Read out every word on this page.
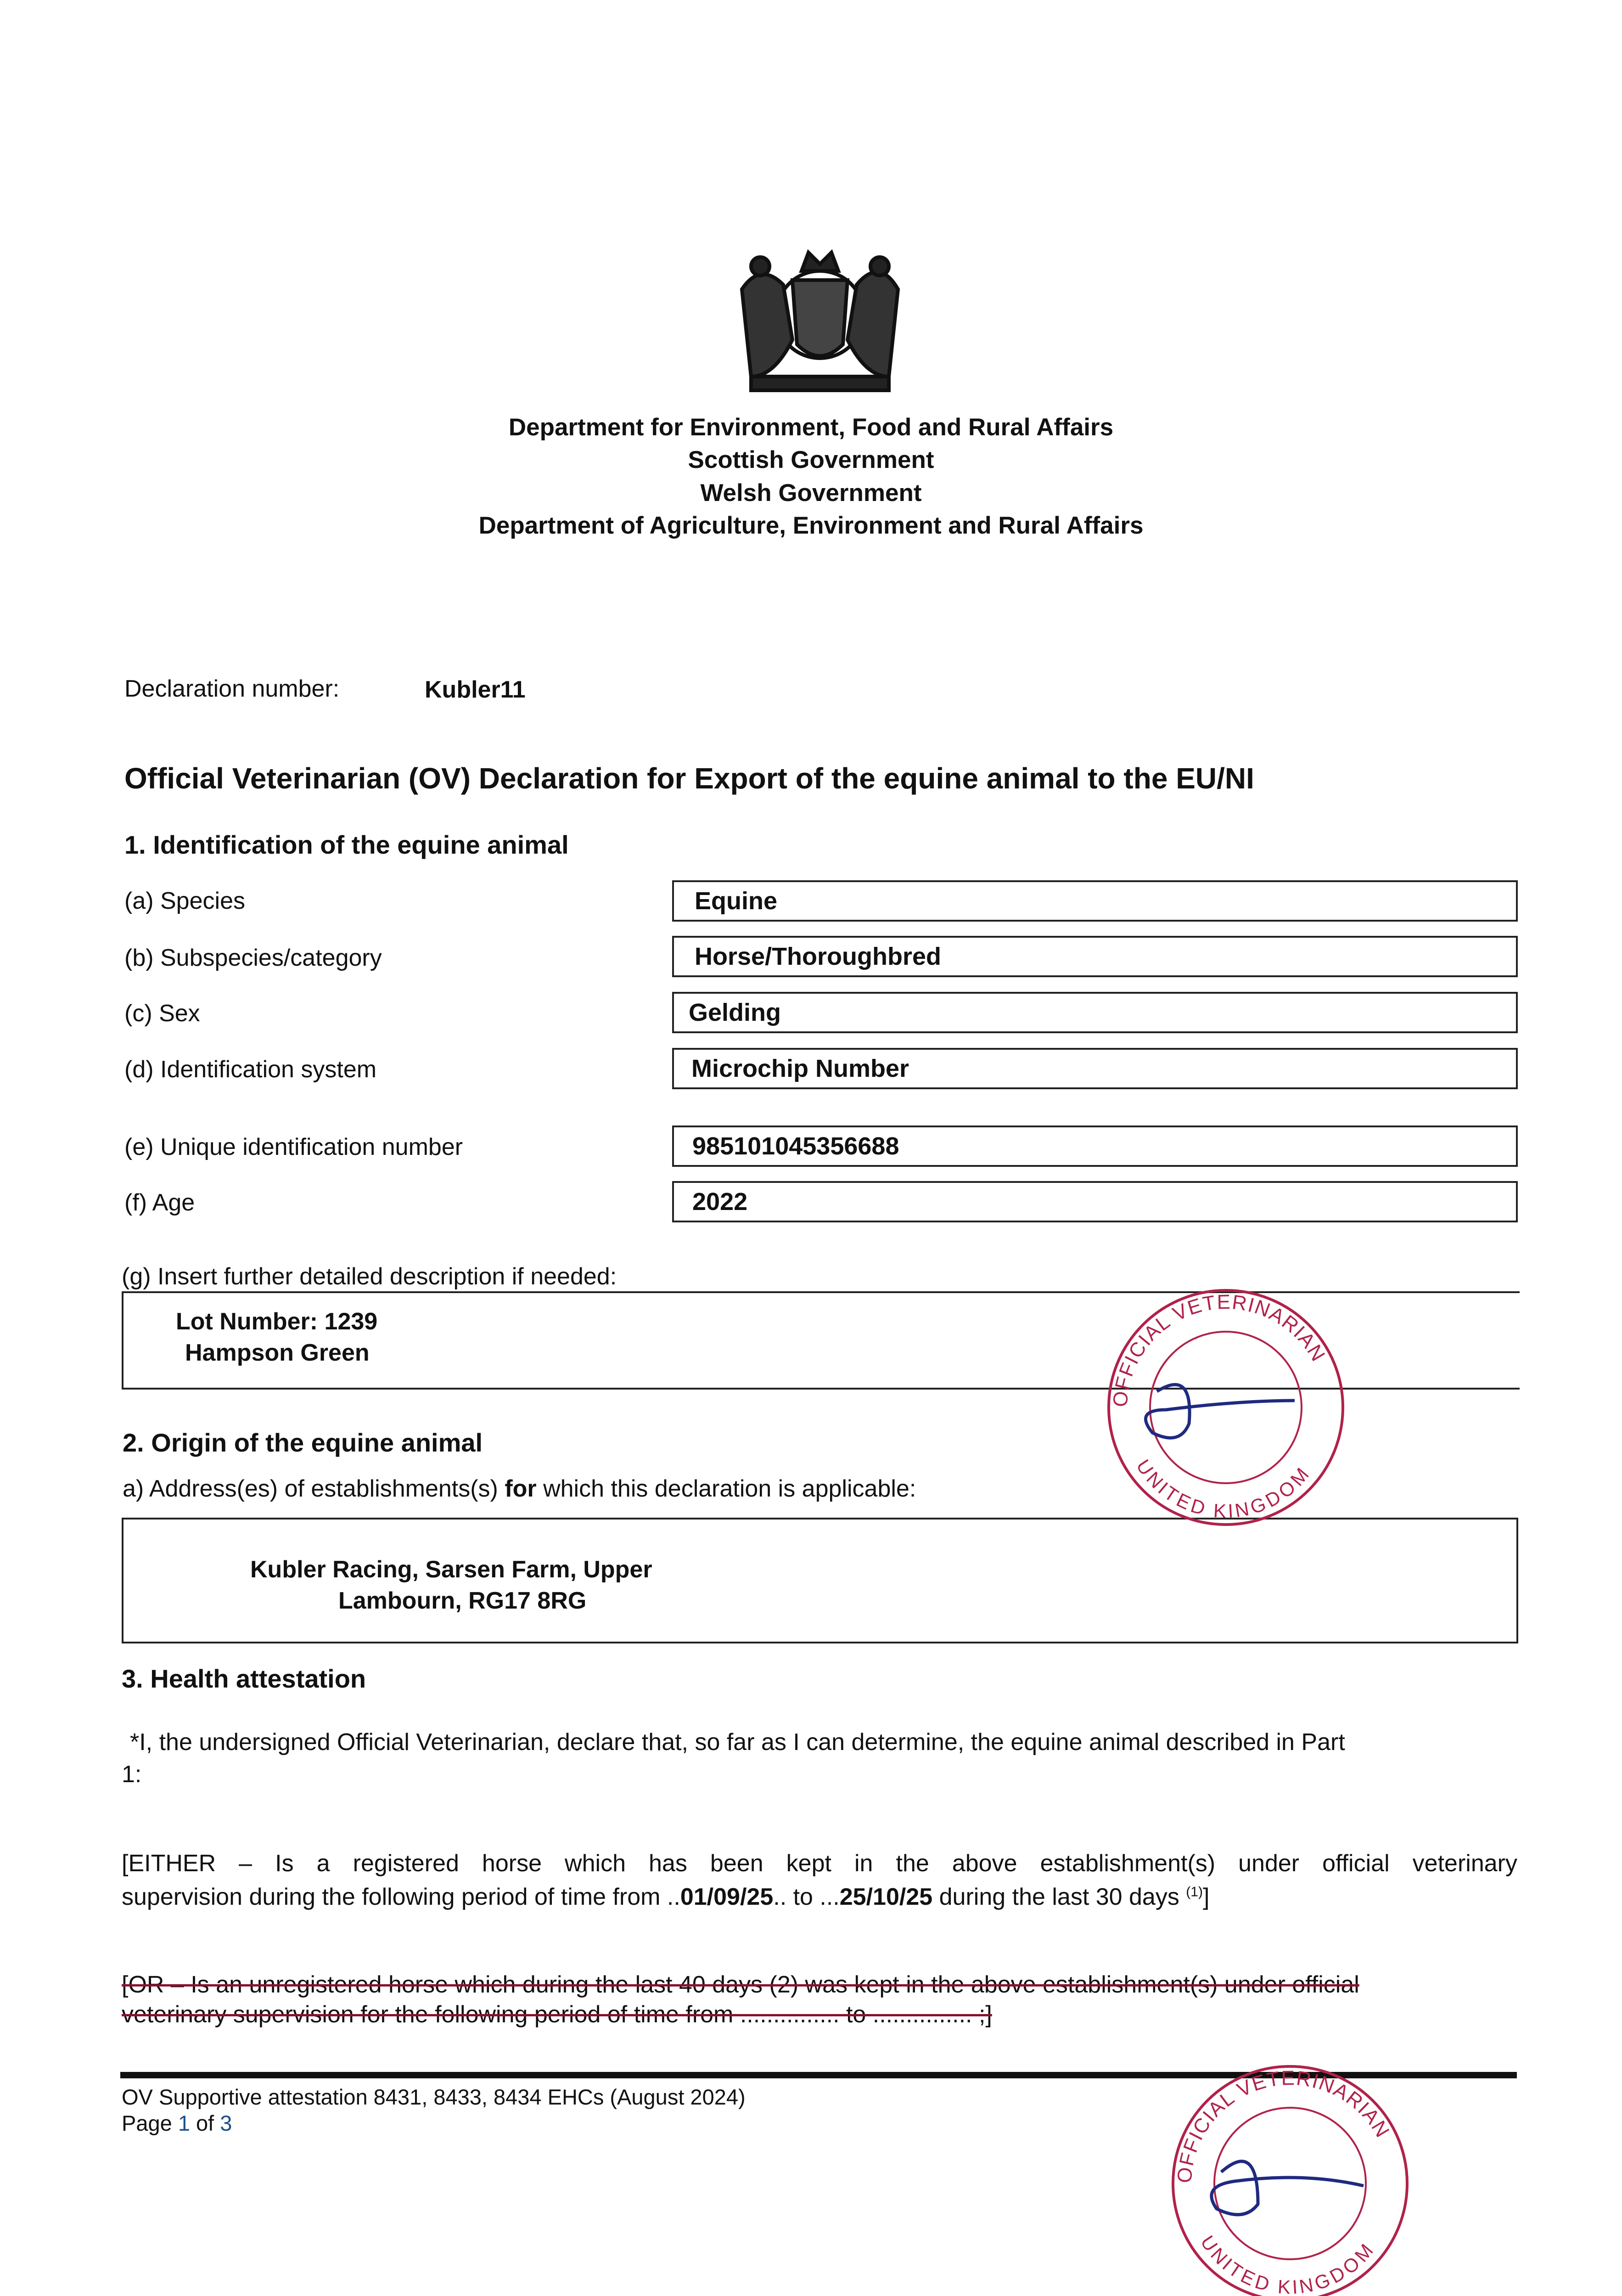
Department for Environment, Food and Rural Affairs
Scottish Government
Welsh Government
Department of Agriculture, Environment and Rural Affairs
Declaration number:	Kubler11
Official Veterinarian (OV) Declaration for Export of the equine animal to the EU/NI
1. Identification of the equine animal
(a) Species	Equine
(b) Subspecies/category	Horse/Thoroughbred
(c) Sex	Gelding
(d) Identification system	Microchip Number
(e) Unique identification number	985101045356688
(f) Age	2022
(g) Insert further detailed description if needed:
Lot Number: 1239
Hampson Green
2. Origin of the equine animal
a) Address(es) of establishments(s) for which this declaration is applicable:
Kubler Racing, Sarsen Farm, Upper
Lambourn, RG17 8RG
3. Health attestation
*I, the undersigned Official Veterinarian, declare that, so far as I can determine, the equine animal described in Part
1:
[EITHER – Is a registered horse which has been kept in the above establishment(s) under official veterinary
supervision during the following period of time from ..01/09/25.. to ...25/10/25 during the last 30 days $^{(1)}$]
[OR – Is an unregistered horse which during the last 40 days (2) was kept in the above establishment(s) under official
veterinary supervision for the following period of time from ............... to ............... ;]
OV Supportive attestation 8431, 8433, 8434 EHCs (August 2024)
Page 1 of 3
OFFICIAL VETERINARIAN
UNITED KINGDOM
OFFICIAL VETERINARIAN
UNITED KINGDOM
